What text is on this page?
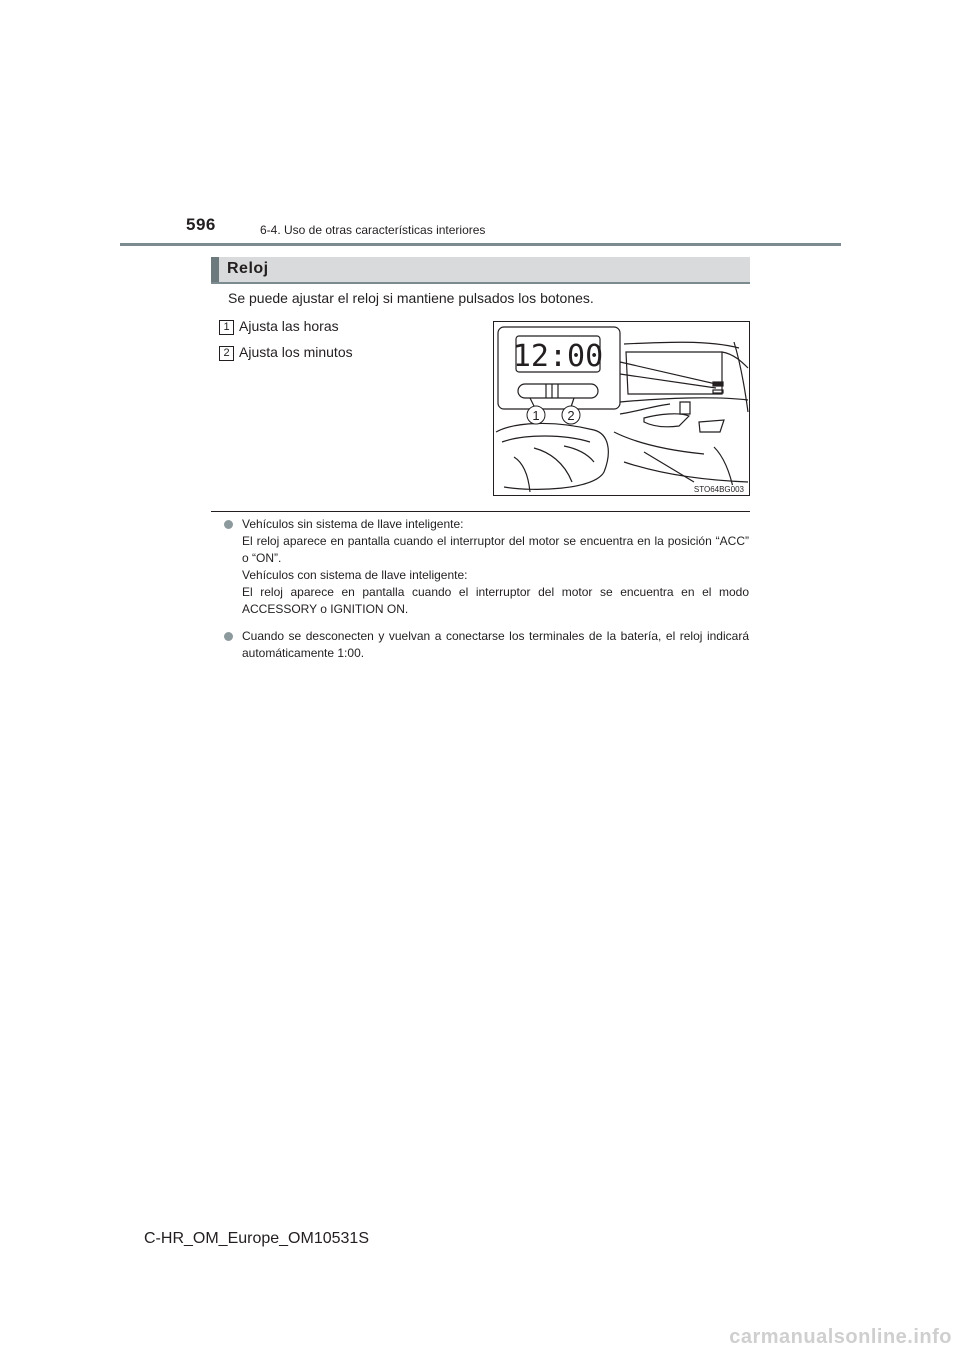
596	6-4. Uso de otras características interiores
Reloj
Se puede ajustar el reloj si mantiene pulsados los botones.
1 Ajusta las horas
2 Ajusta los minutos	12:00
1 2
STO64BG003

Vehículos sin sistema de llave inteligente:

El reloj aparece en pantalla cuando el interruptor del motor se encuentra en la posición “ACC” o “ON”.

Vehículos con sistema de llave inteligente:

El reloj aparece en pantalla cuando el interruptor del motor se encuentra en el modo ACCESSORY o IGNITION ON.

Cuando se desconecten y vuelvan a conectarse los terminales de la batería, el reloj indicará automáticamente 1:00.

C-HR_OM_Europe_OM10531S
carmanualsonline.info
